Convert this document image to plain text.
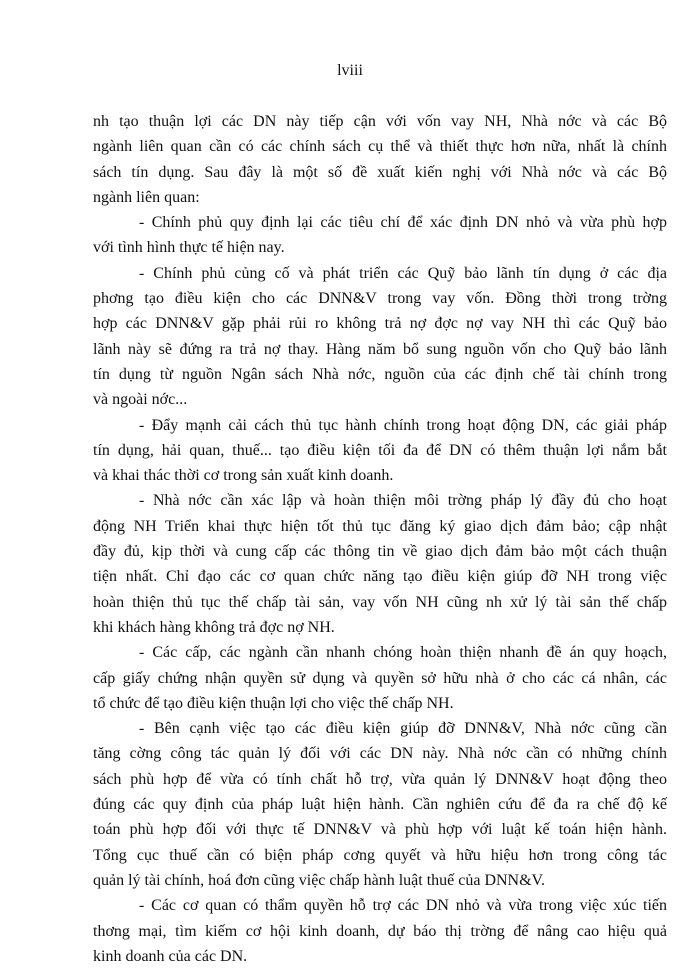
lviii
nh tạo thuận lợi các DN này tiếp cận với vốn vay NH, Nhà nớc và các Bộ
ngành liên quan cần có các chính sách cụ thể và thiết thực hơn nữa, nhất là chính
sách tín dụng. Sau đây là một số đề xuất kiến nghị với Nhà nớc và các Bộ
ngành liên quan:
- Chính phủ quy định lại các tiêu chí để xác định DN nhỏ và vừa phù hợp
với tình hình thực tế hiện nay.
- Chính phủ củng cố và phát triển các Quỹ bảo lãnh tín dụng ở các địa
phơng tạo điều kiện cho các DNN&V trong vay vốn. Đồng thời trong trờng
hợp các DNN&V gặp phải rủi ro không trả nợ đợc nợ vay NH thì các Quỹ bảo
lãnh này sẽ đứng ra trả nợ thay. Hàng năm bổ sung nguồn vốn cho Quỹ bảo lãnh
tín dụng từ nguồn Ngân sách Nhà nớc, nguồn của các định chế tài chính trong
và ngoài nớc...
- Đẩy mạnh cải cách thủ tục hành chính trong hoạt động DN, các giải pháp
tín dụng, hải quan, thuế... tạo điều kiện tối đa để DN có thêm thuận lợi nắm bắt
và khai thác thời cơ trong sản xuất kinh doanh.
- Nhà nớc cần xác lập và hoàn thiện môi trờng pháp lý đầy đủ cho hoạt
động NH Triển khai thực hiện tốt thủ tục đăng ký giao dịch đảm bảo; cập nhật
đầy đủ, kịp thời và cung cấp các thông tin về giao dịch đảm bảo một cách thuận
tiện nhất. Chỉ đạo các cơ quan chức năng tạo điều kiện giúp đỡ NH trong việc
hoàn thiện thủ tục thế chấp tài sản, vay vốn NH cũng nh xử lý tài sản thế chấp
khi khách hàng không trả đợc nợ NH.
- Các cấp, các ngành cần nhanh chóng hoàn thiện nhanh đề án quy hoạch,
cấp giấy chứng nhận quyền sử dụng và quyền sở hữu nhà ở cho các cá nhân, các
tổ chức để tạo điều kiện thuận lợi cho việc thế chấp NH.
- Bên cạnh việc tạo các điều kiện giúp đỡ DNN&V, Nhà nớc cũng cần
tăng cờng công tác quản lý đối với các DN này. Nhà nớc cần có những chính
sách phù hợp để vừa có tính chất hỗ trợ, vừa quản lý DNN&V hoạt động theo
đúng các quy định của pháp luật hiện hành. Cần nghiên cứu để đa ra chế độ kế
toán phù hợp đối với thực tế DNN&V và phù hợp với luật kế toán hiện hành.
Tổng cục thuế cần có biện pháp cơng quyết và hữu hiệu hơn trong công tác
quản lý tài chính, hoá đơn cũng việc chấp hành luật thuế của DNN&V.
- Các cơ quan có thẩm quyền hỗ trợ các DN nhỏ và vừa trong việc xúc tiến
thơng mại, tìm kiếm cơ hội kinh doanh, dự báo thị trờng để nâng cao hiệu quả
kinh doanh của các DN.
